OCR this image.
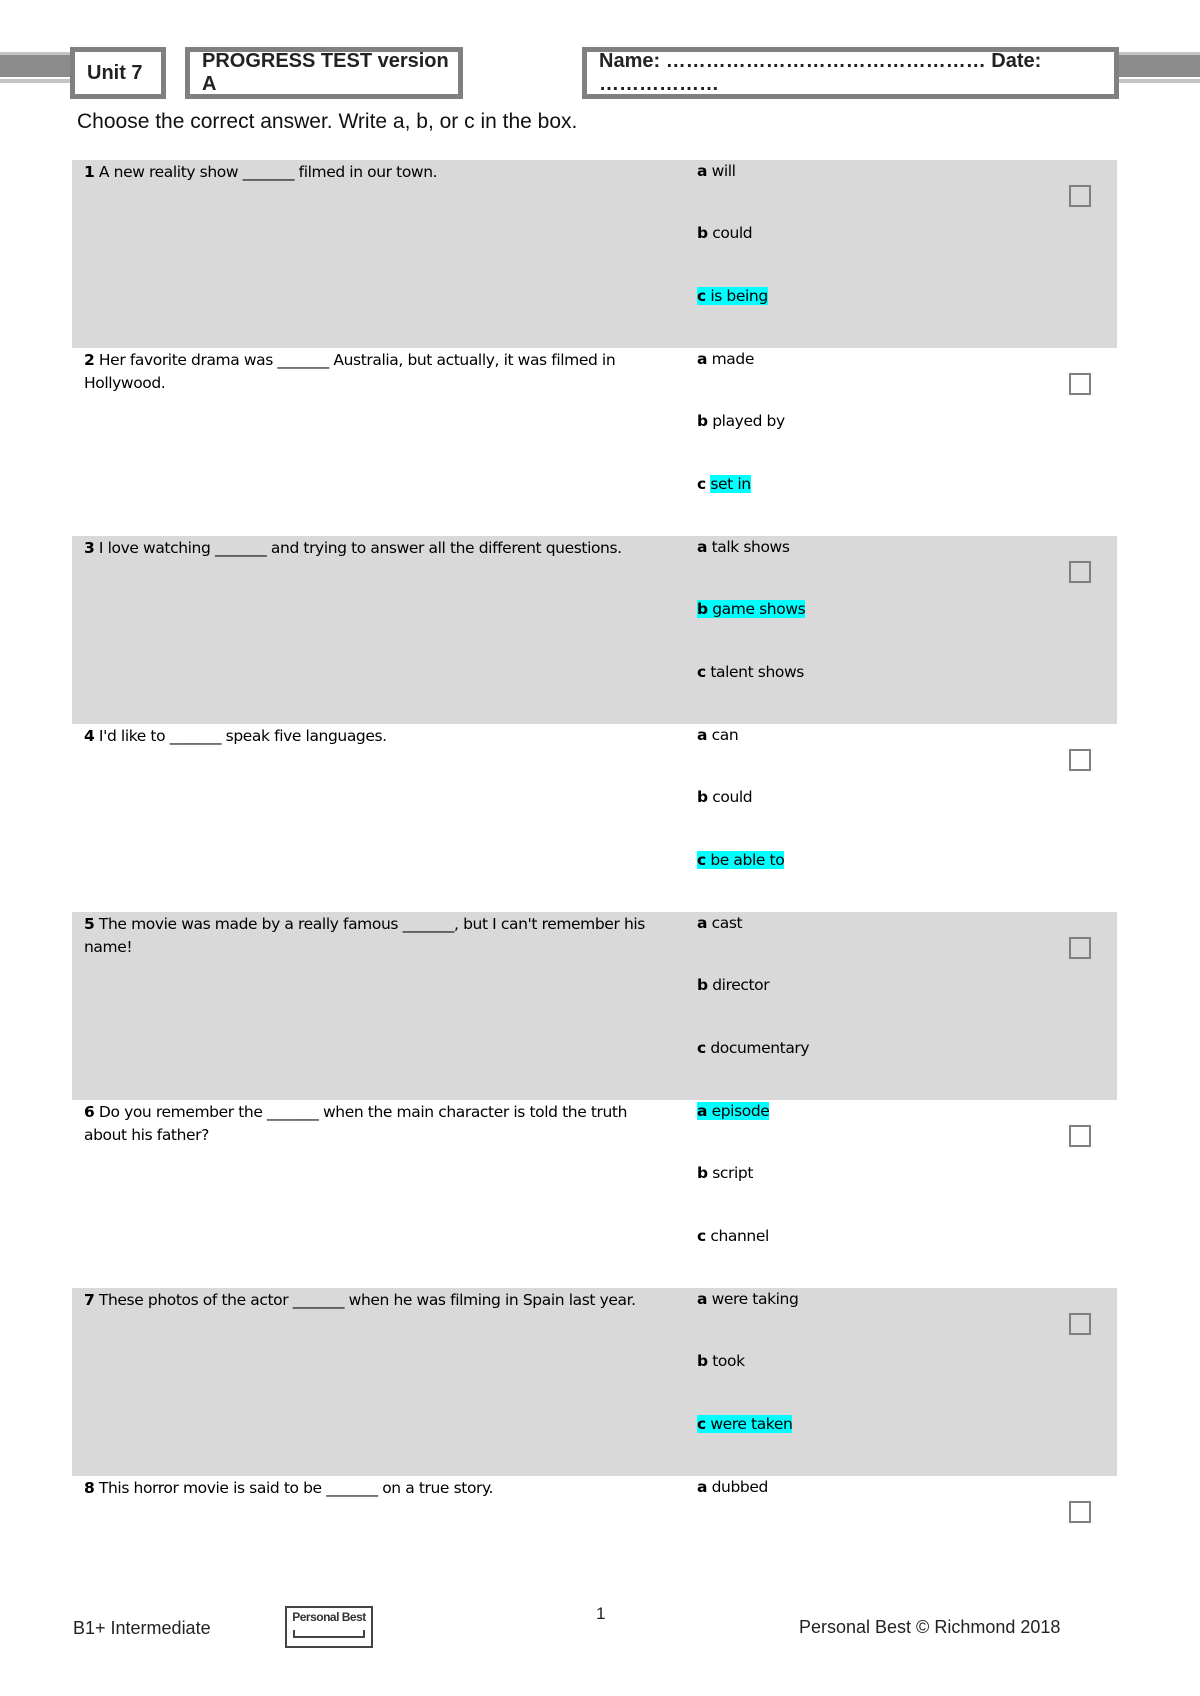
Unit 7
PROGRESS TEST version A
Name: ………………………………………… Date: ………………
Choose the correct answer. Write a, b, or c in the box.
1 A new reality show _______ filmed in our town.	a will
b could
c is being
2 Her favorite drama was _______ Australia, but actually, it was filmed in Hollywood.
a made
b played by
c set in
3 I love watching _______ and trying to answer all the different questions.	a talk shows
b game shows
c talent shows
4 I'd like to _______ speak five languages.	a can
b could
c be able to
5 The movie was made by a really famous _______, but I can't remember his name!
a cast
b director
c documentary
6 Do you remember the _______ when the main character is told the truth about his father?
a episode
b script
c channel
7 These photos of the actor _______ when he was filming in Spain last year.	a were taking
b took
c were taken
8 This horror movie is said to be _______ on a true story.	a dubbed
B1+ Intermediate
Personal Best	1
Personal Best © Richmond 2018
